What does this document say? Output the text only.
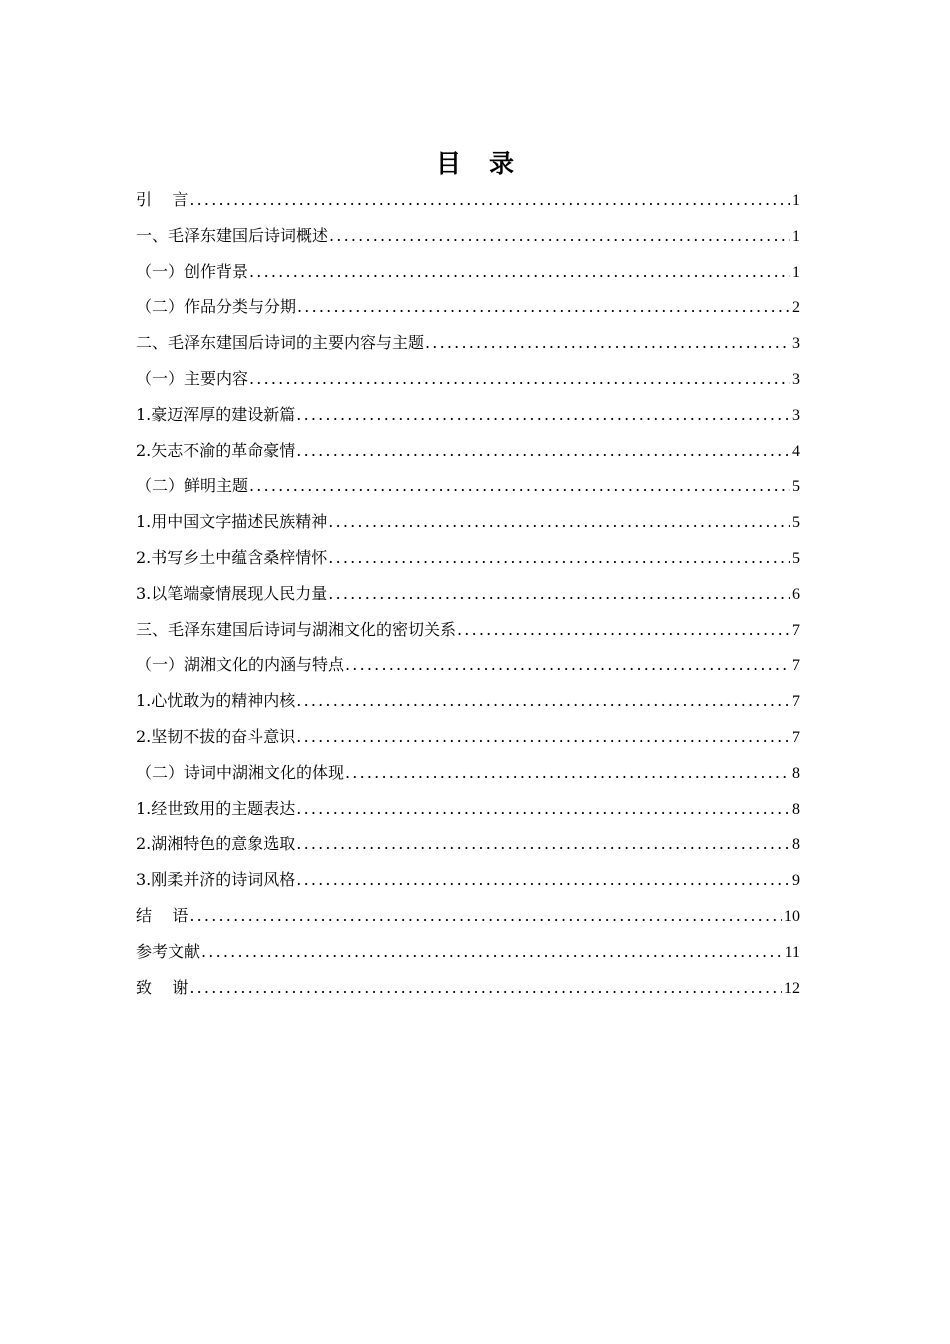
目 录
引    言 .....	1
一、毛泽东建国后诗词概述 .....	1
（一）创作背景 .....	1
（二）作品分类与分期 .....	2
二、毛泽东建国后诗词的主要内容与主题 .....	3
（一）主要内容 .....	3
1.豪迈浑厚的建设新篇 .....	3
2.矢志不渝的革命豪情 .....	4
（二）鲜明主题 .....	5
1.用中国文字描述民族精神 .....	5
2.书写乡土中蕴含桑梓情怀 .....	5
3.以笔端豪情展现人民力量 .....	6
三、毛泽东建国后诗词与湖湘文化的密切关系 .....	7
（一）湖湘文化的内涵与特点 .....	7
1.心忧敢为的精神内核 .....	7
2.坚韧不拔的奋斗意识 .....	7
（二）诗词中湖湘文化的体现 .....	8
1.经世致用的主题表达 .....	8
2.湖湘特色的意象选取 .....	8
3.刚柔并济的诗词风格 .....	9
结    语 .....	10
参考文献 .....	11
致    谢 .....	12
